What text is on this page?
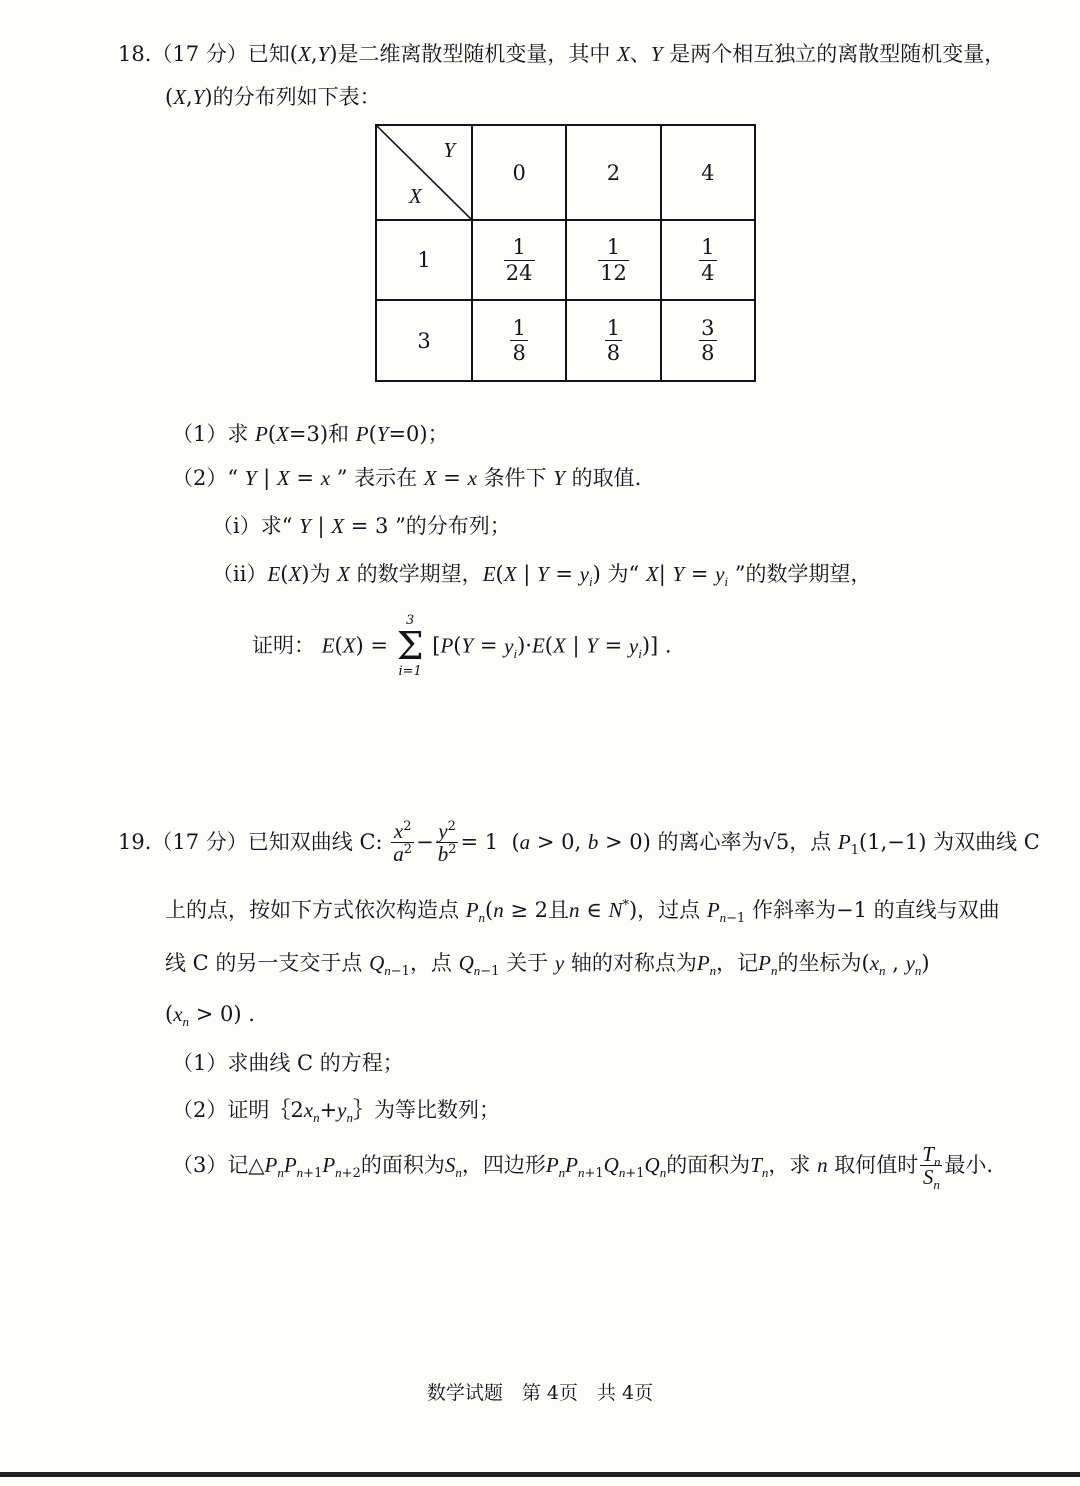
18.（17 分）已知(X,Y)是二维离散型随机变量，其中 X、Y 是两个相互独立的离散型随机变量，
(X,Y)的分布列如下表：
Y
X	0	2	4
1	$\frac{1}{24}$	$\frac{1}{12}$	$\frac{1}{4}$

3	$\frac{1}{8}$	$\frac{1}{8}$	$\frac{3}{8}$
（1）求 P(X=3)和 P(Y=0)；
（2）“ Y | X = x ” 表示在 X = x 条件下 Y 的取值.
（i）求“ Y | X = 3 ”的分布列；
（ii）E(X)为 X 的数学期望，E(X | $Y = y_i$) 为“ X| $Y = y_i$ ”的数学期望，
证明： E(X) =
3
Σ
i=1
[$P(Y = y_i)\cdot E(X$ | $Y = y_i$)] .
19.（17 分）已知双曲线 C: $\frac{x^2}{a^2} - \frac{y^2}{b^2} = 1$  (a > 0, b > 0) 的离心率为√5，点 $P_1(1,-1)$ 为双曲线 C
上的点，按如下方式依次构造点 $P_n(n \ge 2$且n ∈ N*)，过点 $P_{n-1}$ 作斜率为−1 的直线与双曲
线 C 的另一支交于点 $Q_{n-1}$，点 $Q_{n-1}$ 关于 y 轴的对称点为$P_n$，记$P_n$的坐标为($x_n$ , $y_n$)
$(x_n > 0)$ .
（1）求曲线 C 的方程；
（2）证明$\{2x_n+y_n\}$为等比数列；
（3）记$\triangle P_nP_{n+1}P_{n+2}$的面积为$S_n$，四边形$P_nP_{n+1}Q_{n+1}Q_n$的面积为$T_n$，求 n 取何值时 $\frac{T_n}{S_n}$ 最小.
数学试题　第 4页　共 4页
